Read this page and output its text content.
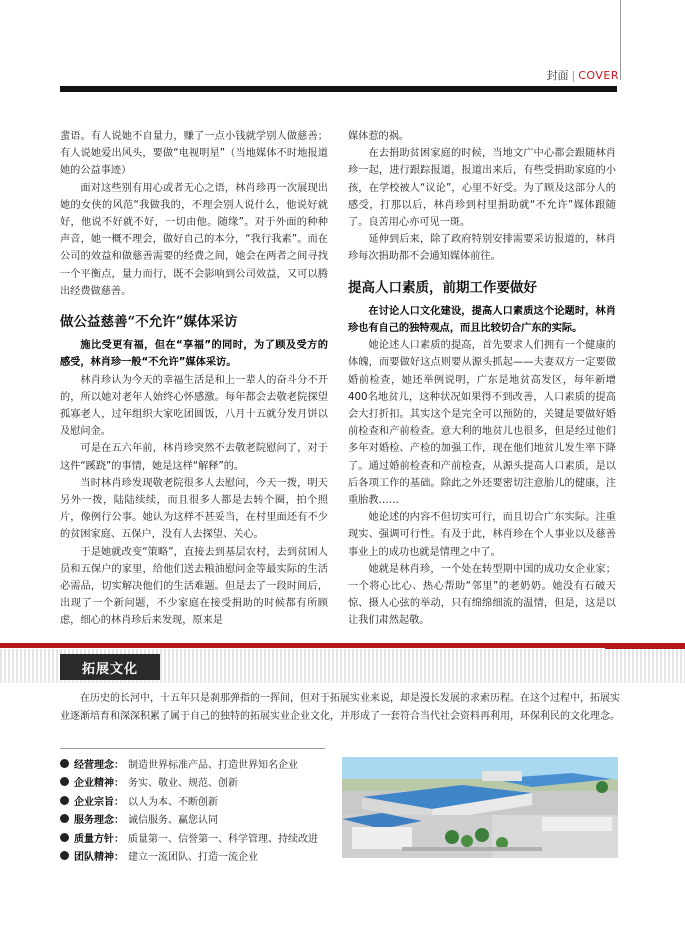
封面 | COVER

蜚语。有人说她不自量力，赚了一点小钱就学别人做慈善；有人说她爱出风头，要做“电视明星”（当地媒体不时地报道她的公益事迹）

面对这些别有用心或者无心之语，林肖珍再一次展现出她的女侠的风范“我做我的，不理会别人说什么，他说好就好，他说不好就不好，一切由他。随缘”。对于外面的种种声音，她一概不理会，做好自己的本分，“我行我素”。而在公司的效益和做慈善需要的经费之间，她会在两者之间寻找一个平衡点，量力而行，既不会影响到公司效益，又可以腾出经费做慈善。

做公益慈善“不允许”媒体采访

施比受更有福，但在“享福”的同时，为了顾及受方的感受，林肖珍一般“不允许”媒体采访。

林肖珍认为今天的幸福生活是和上一辈人的奋斗分不开的，所以她对老年人始终心怀感激。每年都会去敬老院探望孤寡老人，过年组织大家吃团圆饭，八月十五就分发月饼以及慰问金。

可是在五六年前，林肖珍突然不去敬老院慰问了，对于这件“蹊跷”的事情，她是这样“解释”的。

当时林肖珍发现敬老院很多人去慰问，今天一拨，明天另外一拨，陆陆续续，而且很多人都是去转个圈，拍个照片，像例行公事。她认为这样不甚妥当，在村里面还有不少的贫困家庭、五保户，没有人去探望、关心。

于是她就改变“策略”，直接去到基层农村，去到贫困人员和五保户的家里，给他们送去粮油慰问金等最实际的生活必需品，切实解决他们的生活难题。但是去了一段时间后，出现了一个新问题，不少家庭在接受捐助的时候都有所顾虑，细心的林肖珍后来发现，原来是

媒体惹的祸。

在去捐助贫困家庭的时候，当地文广中心都会跟随林肖珍一起，进行跟踪报道，报道出来后，有些受捐助家庭的小孩，在学校被人“议论”，心里不好受。为了顾及这部分人的感受，打那以后，林肖珍到村里捐助就“不允许”媒体跟随了。良苦用心亦可见一斑。

延伸到后来，除了政府特别安排需要采访报道的，林肖珍每次捐助都不会通知媒体前往。

提高人口素质，前期工作要做好

在讨论人口文化建设，提高人口素质这个论题时，林肖珍也有自己的独特观点，而且比较切合广东的实际。

她论述人口素质的提高，首先要求人们拥有一个健康的体魄，而要做好这点则要从源头抓起——夫妻双方一定要做婚前检查，她还举例说明，广东是地贫高发区，每年新增400名地贫儿，这种状况如果得不到改善，人口素质的提高会大打折扣。其实这个是完全可以预防的，关键是要做好婚前检查和产前检查。意大利的地贫儿也很多，但是经过他们多年对婚检、产检的加强工作，现在他们地贫儿发生率下降了。通过婚前检查和产前检查，从源头提高人口素质，是以后各项工作的基础。除此之外还要密切注意胎儿的健康，注重胎教……

她论述的内容不但切实可行，而且切合广东实际。注重现实、强调可行性。有及于此，林肖珍在个人事业以及慈善事业上的成功也就是情理之中了。

她就是林肖珍，一个处在转型期中国的成功女企业家；一个将心比心、热心帮助“邻里”的老奶奶。她没有石破天惊、摄人心弦的举动，只有绵绵细流的温情，但是，这是以让我们肃然起敬。

拓展文化

在历史的长河中，十五年只是刹那弹指的一挥间，但对于拓展实业来说，却是漫长发展的求索历程。在这个过程中，拓展实业逐渐培育和深深积累了属于自己的独特的拓展实业企业文化，并形成了一套符合当代社会资料再利用，环保利民的文化理念。

经营理念： 制造世界标准产品、打造世界知名企业
企业精神： 务实、敬业、规范、创新
企业宗旨： 以人为本、不断创新
服务理念： 诚信服务、赢您认同
质量方针： 质量第一、信誉第一、科学管理、持续改进
团队精神： 建立一流团队、打造一流企业
